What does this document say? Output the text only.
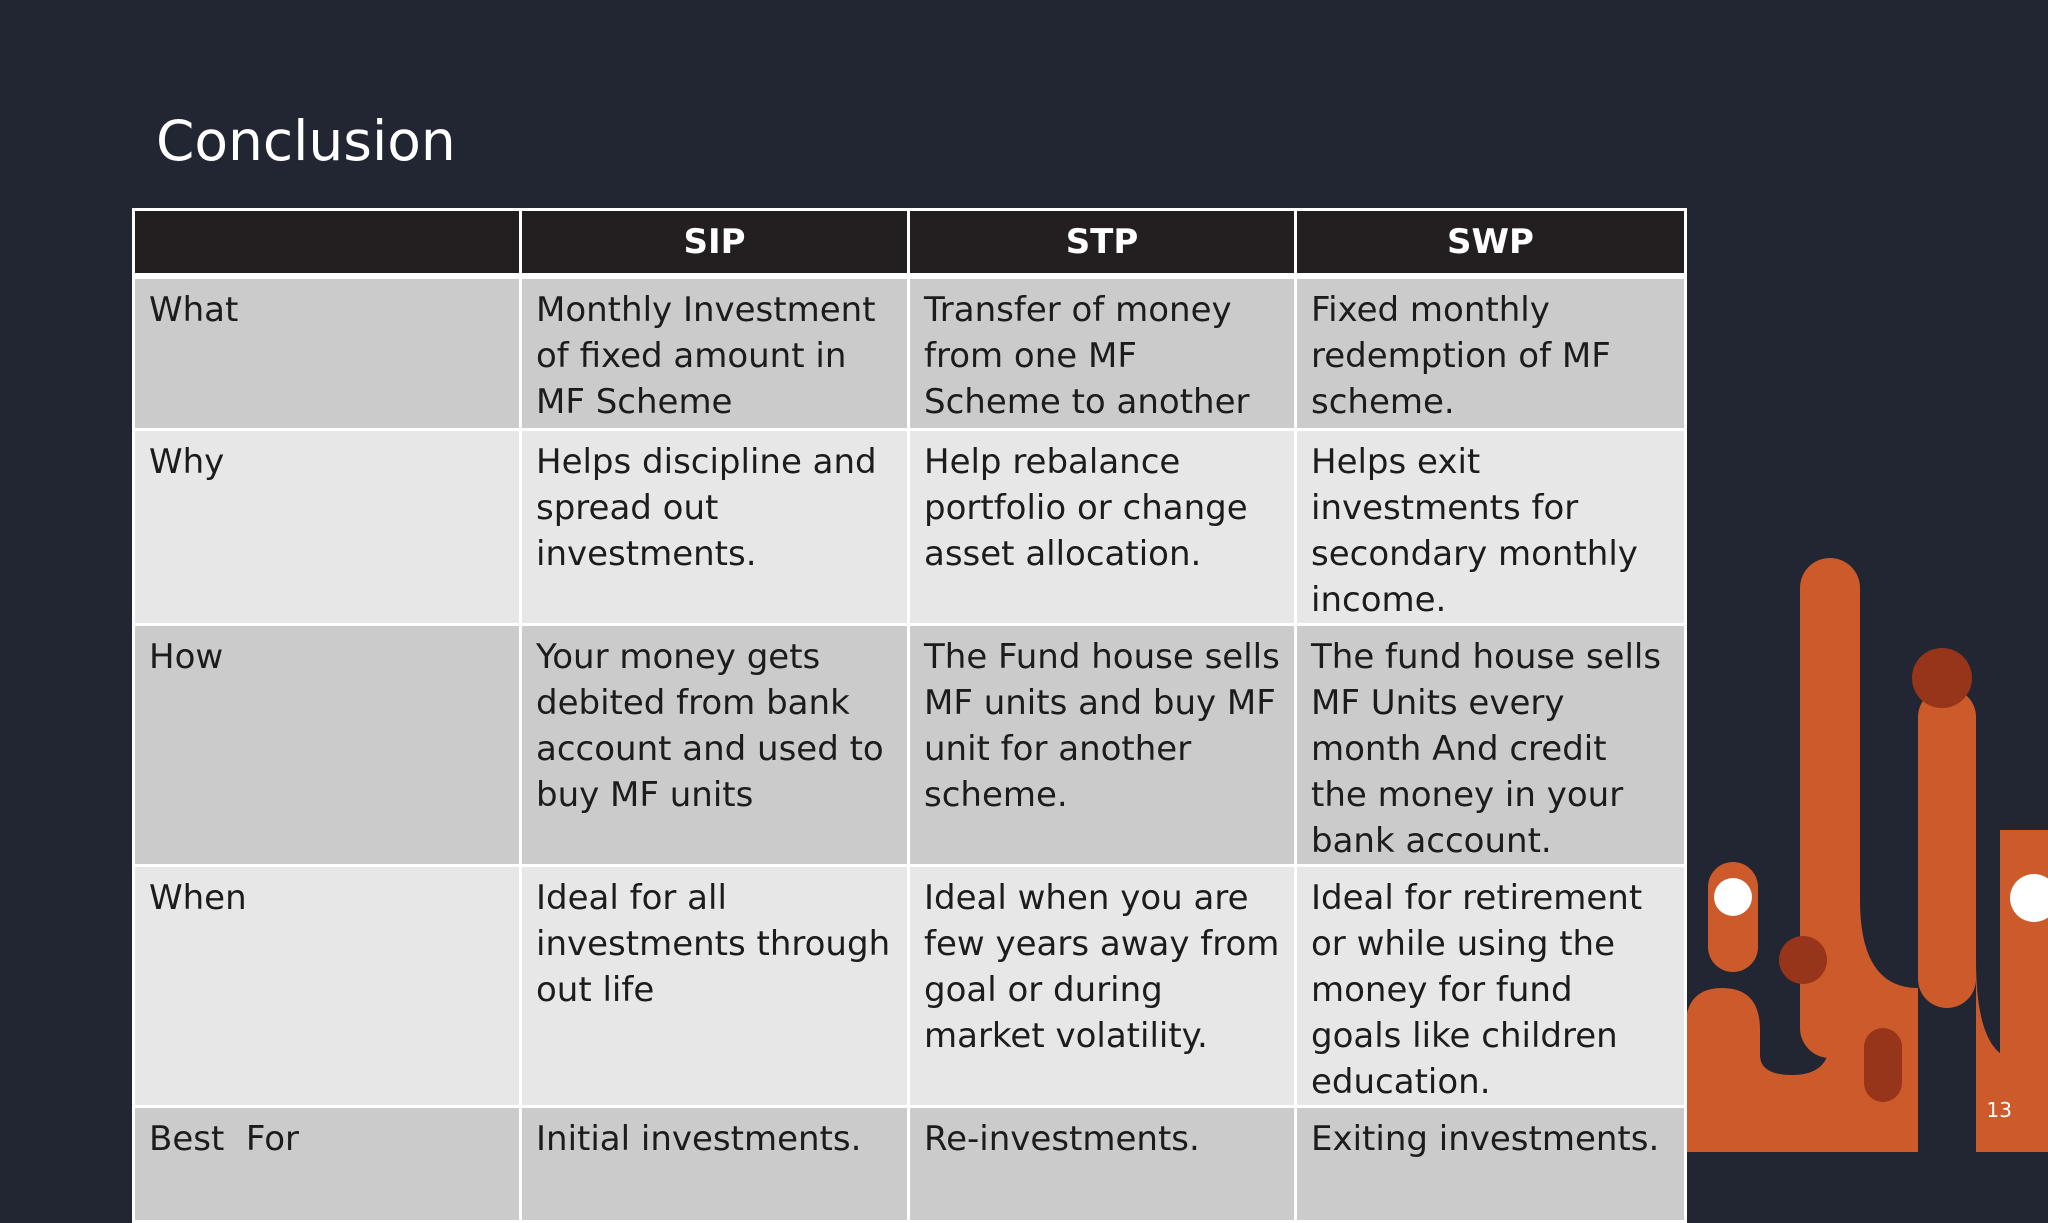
Conclusion
	SIP	STP	SWP
What	Monthly Investment of fixed amount in MF Scheme	Transfer of money from one MF Scheme to another	Fixed monthly redemption of MF scheme.
Why	Helps discipline and spread out investments.	Help rebalance portfolio or change asset allocation.	Helps exit investments for secondary monthly income.
How	Your money gets debited from bank account and used to buy MF units	The Fund house sells MF units and buy MF unit for another scheme.	The fund house sells MF Units every month And credit the money in your bank account.
When	Ideal for all investments through out life	Ideal when you are few years away from goal or during market volatility.	Ideal for retirement or while using the money for fund goals like children education.
Best  For	Initial investments.	Re-investments.	Exiting investments.
13
